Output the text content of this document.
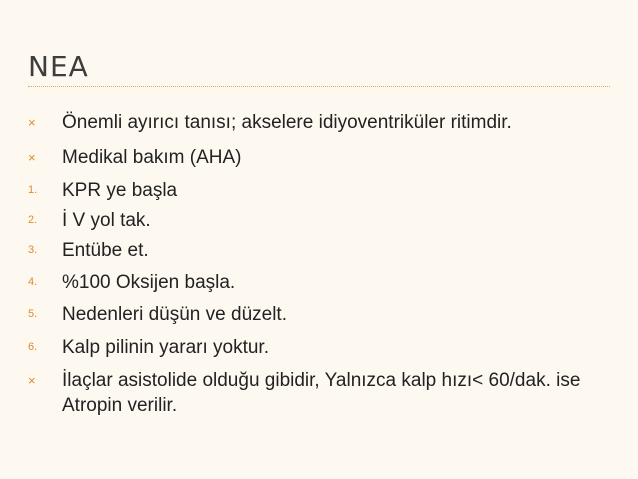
NEA
×	Önemli ayırıcı tanısı; akselere idiyoventriküler ritimdir.
×	Medikal bakım (AHA)
1.	KPR ye başla
2.	İ V yol tak.
3.	Entübe et.
4.	%100 Oksijen başla.
5.	Nedenleri düşün ve düzelt.
6.	Kalp pilinin yararı yoktur.
×	İlaçlar asistolide olduğu gibidir, Yalnızca kalp hızı< 60/dak. ise Atropin verilir.
